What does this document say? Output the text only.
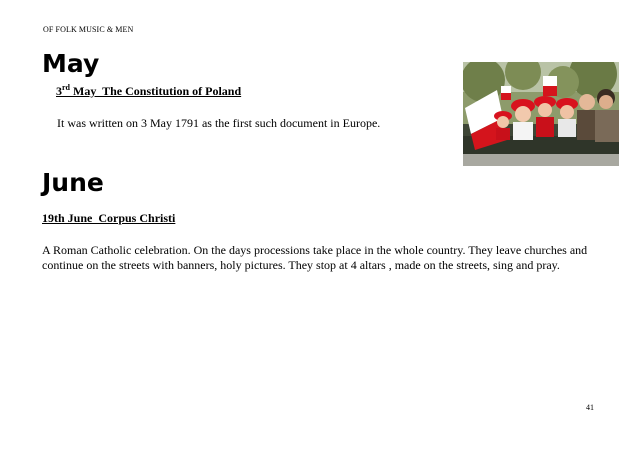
OF FOLK MUSIC & MEN
May
3rd May  The Constitution of Poland
It was written on 3 May 1791 as the first such document in Europe.
June
19th June  Corpus Christi
A Roman Catholic celebration. On the days processions take place in the whole country. They leave churches and continue on the streets with banners, holy pictures. They stop at 4 altars , made on the streets, sing and pray.
41
